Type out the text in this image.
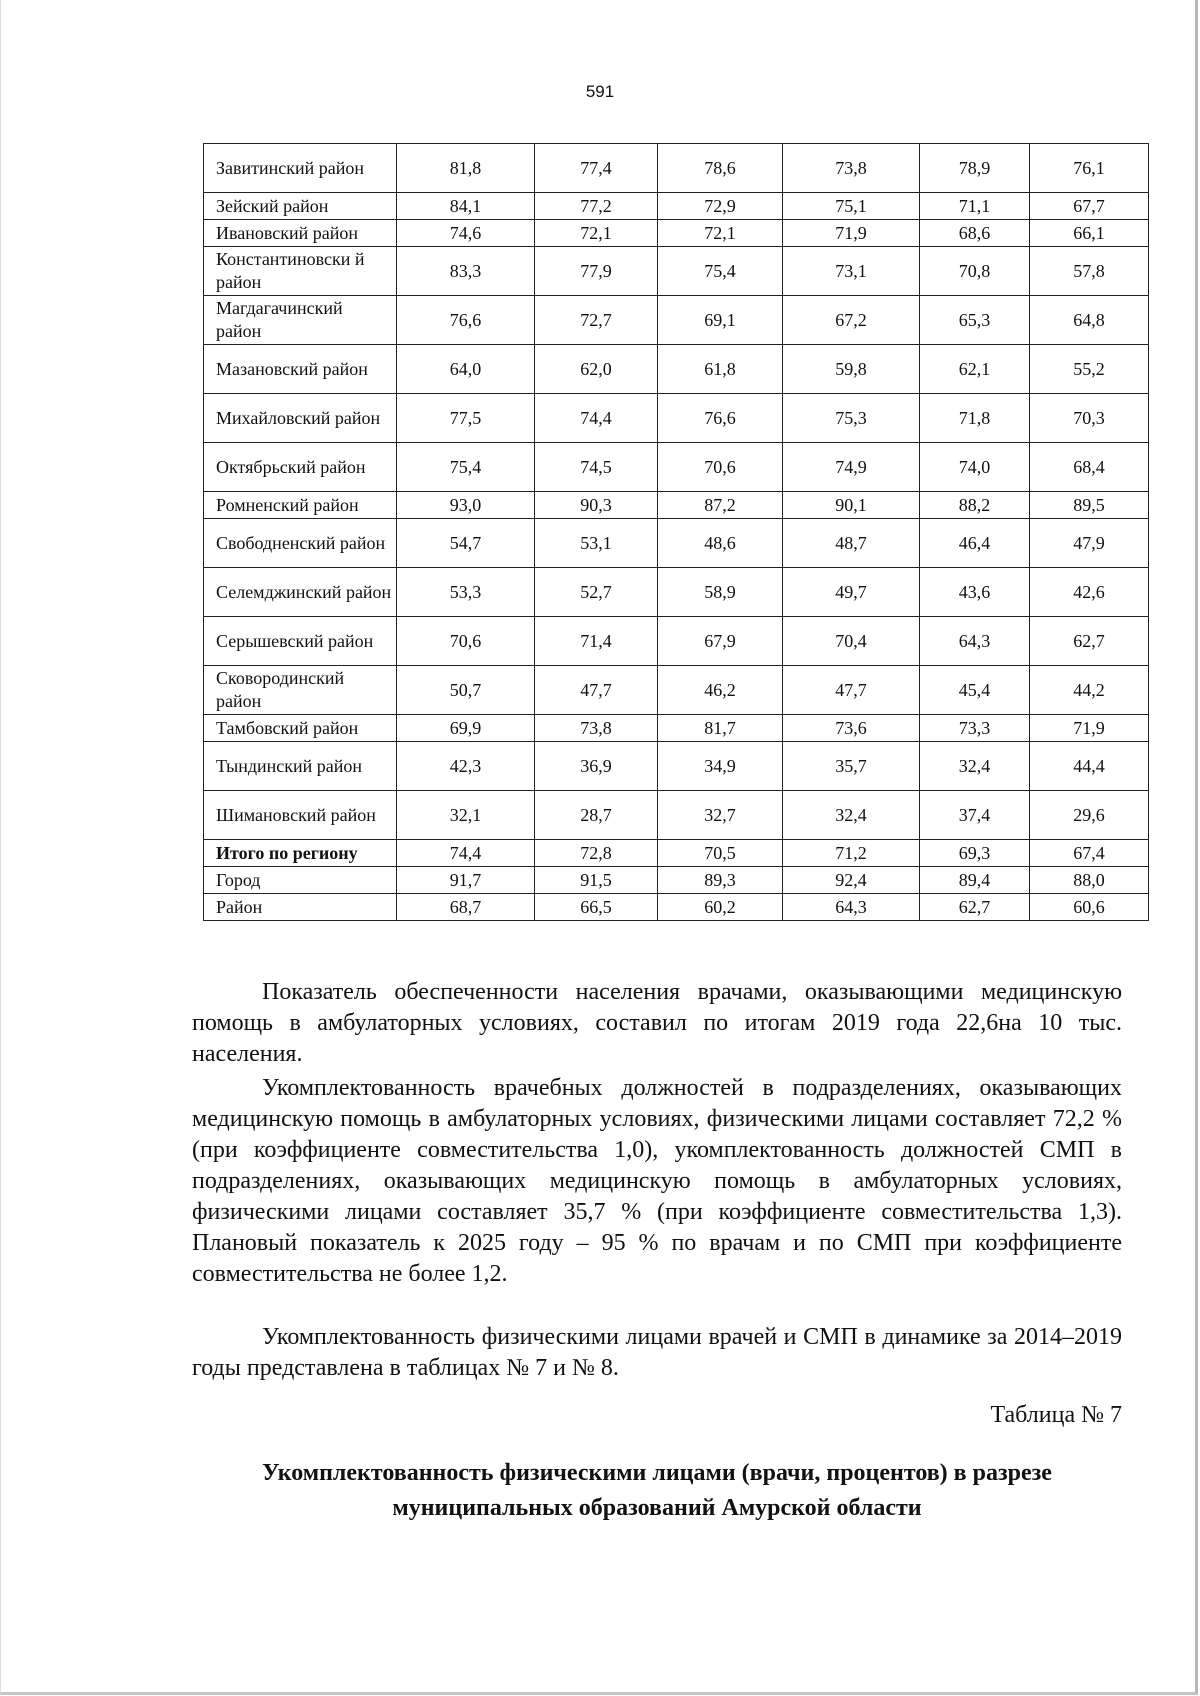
591
Завитинский район	81,8	77,4	78,6	73,8	78,9	76,1
Зейский район	84,1	77,2	72,9	75,1	71,1	67,7
Ивановский район	74,6	72,1	72,1	71,9	68,6	66,1
Константиновски й район	83,3	77,9	75,4	73,1	70,8	57,8
Магдагачинский район	76,6	72,7	69,1	67,2	65,3	64,8
Мазановский район	64,0	62,0	61,8	59,8	62,1	55,2
Михайловский район	77,5	74,4	76,6	75,3	71,8	70,3
Октябрьский район	75,4	74,5	70,6	74,9	74,0	68,4
Ромненский район	93,0	90,3	87,2	90,1	88,2	89,5
Свободненский район	54,7	53,1	48,6	48,7	46,4	47,9
Селемджинский район	53,3	52,7	58,9	49,7	43,6	42,6
Серышевский район	70,6	71,4	67,9	70,4	64,3	62,7
Сковородинский район	50,7	47,7	46,2	47,7	45,4	44,2
Тамбовский район	69,9	73,8	81,7	73,6	73,3	71,9
Тындинский район	42,3	36,9	34,9	35,7	32,4	44,4
Шимановский район	32,1	28,7	32,7	32,4	37,4	29,6
Итого по региону	74,4	72,8	70,5	71,2	69,3	67,4
Город	91,7	91,5	89,3	92,4	89,4	88,0
Район	68,7	66,5	60,2	64,3	62,7	60,6

Показатель обеспеченности населения врачами, оказывающими медицинскую помощь в амбулаторных условиях, составил по итогам 2019 года 22,6на 10 тыс. населения.

Укомплектованность врачебных должностей в подразделениях, оказывающих медицинскую помощь в амбулаторных условиях, физическими лицами составляет 72,2 % (при коэффициенте совместительства 1,0), укомплектованность должностей СМП в подразделениях, оказывающих медицинскую помощь в амбулаторных условиях, физическими лицами составляет 35,7 % (при коэффициенте совместительства 1,3). Плановый показатель к 2025 году – 95 % по врачам и по СМП при коэффициенте совместительства не более 1,2.

Укомплектованность физическими лицами врачей и СМП в динамике за 2014–2019 годы представлена в таблицах № 7 и № 8.

Таблица № 7
Укомплектованность физическими лицами (врачи, процентов) в разрезе
муниципальных образований Амурской области
